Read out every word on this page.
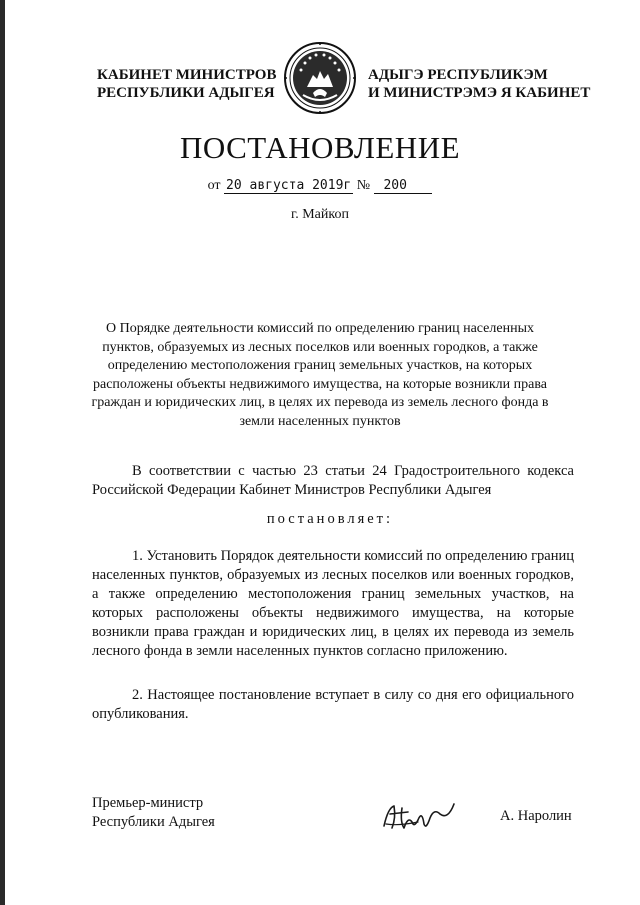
КАБИНЕТ МИНИСТРОВ
РЕСПУБЛИКИ АДЫГЕЯ
АДЫГЭ РЕСПУБЛИКЭМ
И МИНИСТРЭМЭ Я КАБИНЕТ
ПОСТАНОВЛЕНИЕ
от 20 августа 2019г № 200
г. Майкоп
О Порядке деятельности комиссий по определению границ населенных пунктов, образуемых из лесных поселков или военных городков, а также определению местоположения границ земельных участков, на которых расположены объекты недвижимого имущества, на которые возникли права граждан и юридических лиц, в целях их перевода из земель лесного фонда в земли населенных пунктов
В соответствии с частью 23 статьи 24 Градостроительного кодекса Российской Федерации Кабинет Министров Республики Адыгея
постановляет:
1. Установить Порядок деятельности комиссий по определению границ населенных пунктов, образуемых из лесных поселков или военных городков, а также определению местоположения границ земельных участков, на которых расположены объекты недвижимого имущества, на которые возникли права граждан и юридических лиц, в целях их перевода из земель лесного фонда в земли населенных пунктов согласно приложению.
2. Настоящее постановление вступает в силу со дня его официального опубликования.
Премьер-министр
Республики Адыгея	А. Наролин
